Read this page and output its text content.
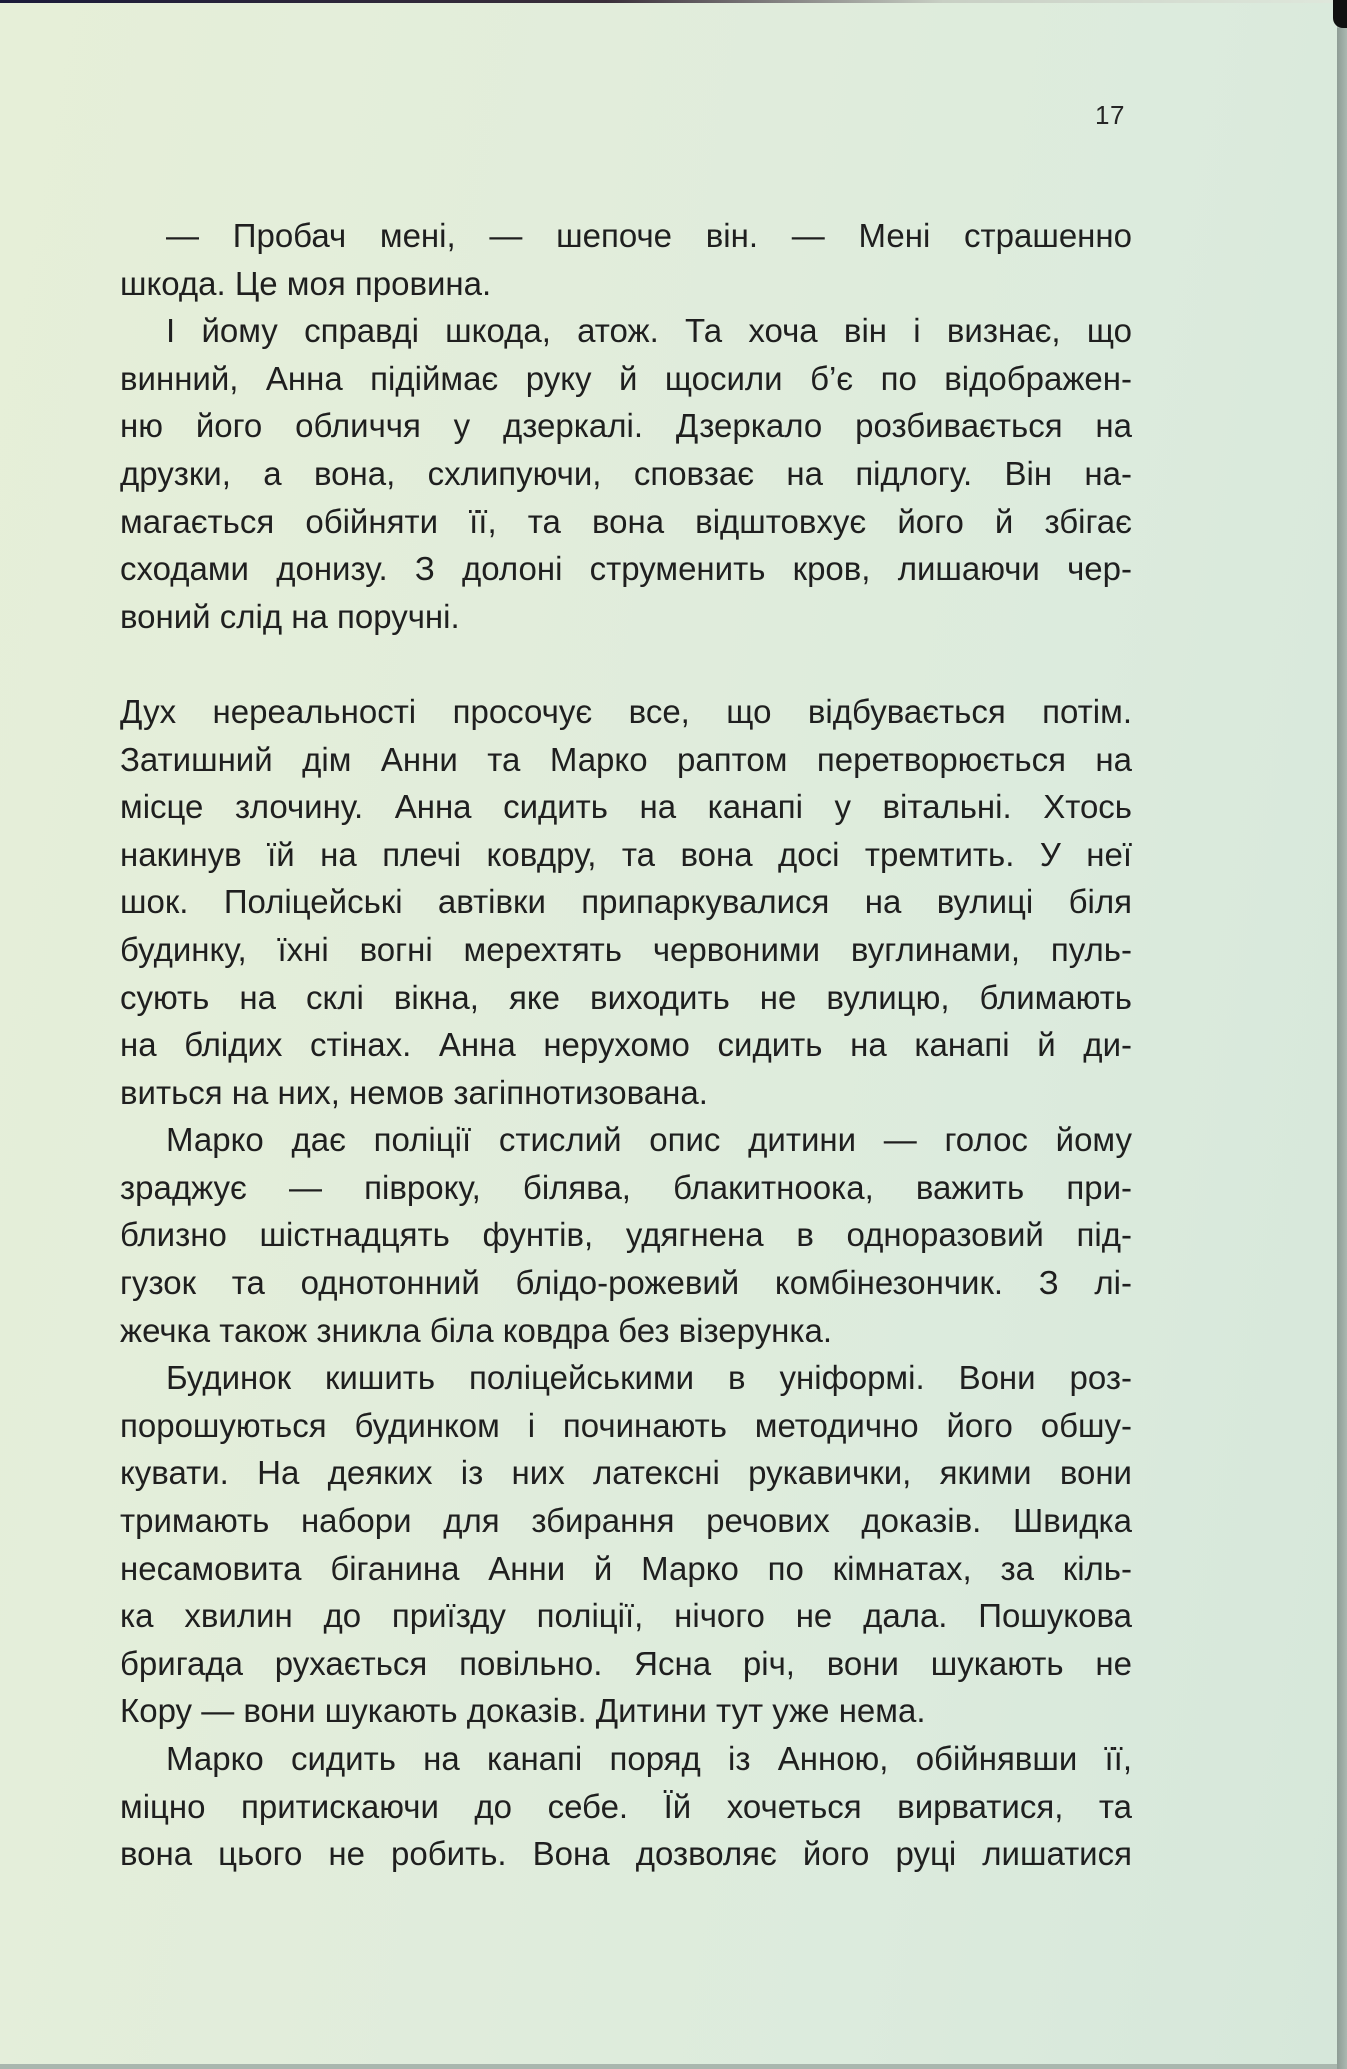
17
— Пробач мені, — шепоче він. — Мені страшенно
шкода. Це моя провина.
І йому справді шкода, атож. Та хоча він і визнає, що
винний, Анна підіймає руку й щосили б’є по відображен-
ню його обличчя у дзеркалі. Дзеркало розбивається на
друзки, а вона, схлипуючи, сповзає на підлогу. Він на-
магається обійняти її, та вона відштовхує його й збігає
сходами донизу. З долоні струменить кров, лишаючи чер-
воний слід на поручні.
Дух нереальності просочує все, що відбувається потім.
Затишний дім Анни та Марко раптом перетворюється на
місце злочину. Анна сидить на канапі у вітальні. Хтось
накинув їй на плечі ковдру, та вона досі тремтить. У неї
шок. Поліцейські автівки припаркувалися на вулиці біля
будинку, їхні вогні мерехтять червоними вуглинами, пуль-
сують на склі вікна, яке виходить не вулицю, блимають
на блідих стінах. Анна нерухомо сидить на канапі й ди-
виться на них, немов загіпнотизована.
Марко дає поліції стислий опис дитини — голос йому
зраджує — півроку, білява, блакитноока, важить при-
близно шістнадцять фунтів, удягнена в одноразовий під-
гузок та однотонний блідо-рожевий комбінезончик. З лі-
жечка також зникла біла ковдра без візерунка.
Будинок кишить поліцейськими в уніформі. Вони роз-
порошуються будинком і починають методично його обшу-
кувати. На деяких із них латексні рукавички, якими вони
тримають набори для збирання речових доказів. Швидка
несамовита біганина Анни й Марко по кімнатах, за кіль-
ка хвилин до приїзду поліції, нічого не дала. Пошукова
бригада рухається повільно. Ясна річ, вони шукають не
Кору — вони шукають доказів. Дитини тут уже нема.
Марко сидить на канапі поряд із Анною, обійнявши її,
міцно притискаючи до себе. Їй хочеться вирватися, та
вона цього не робить. Вона дозволяє його руці лишатися
